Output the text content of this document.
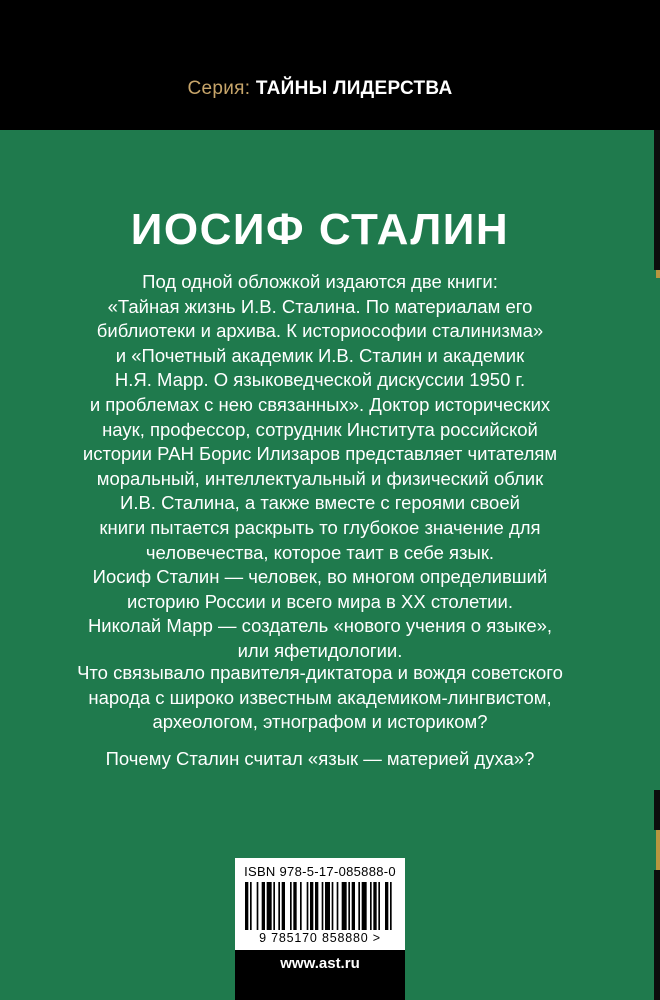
Серия: ТАЙНЫ ЛИДЕРСТВА
ИОСИФ СТАЛИН
Под одной обложкой издаются две книги:
«Тайная жизнь И.В. Сталина. По материалам его
библиотеки и архива. К историософии сталинизма»
и «Почетный академик И.В. Сталин и академик
Н.Я. Марр. О языковедческой дискуссии 1950 г.
и проблемах с нею связанных». Доктор исторических
наук, профессор, сотрудник Института российской
истории РАН Борис Илизаров представляет читателям
моральный, интеллектуальный и физический облик
И.В. Сталина, а также вместе с героями своей
книги пытается раскрыть то глубокое значение для
человечества, которое таит в себе язык.
Иосиф Сталин — человек, во многом определивший
историю России и всего мира в XX столетии.
Николай Марр — создатель «нового учения о языке»,
или яфетидологии.
Что связывало правителя-диктатора и вождя советского
народа с широко известным академиком-лингвистом,
археологом, этнографом и историком?
Почему Сталин считал «язык — материей духа»?
ISBN 978-5-17-085888-0
9 785170 858880 >
www.ast.ru
